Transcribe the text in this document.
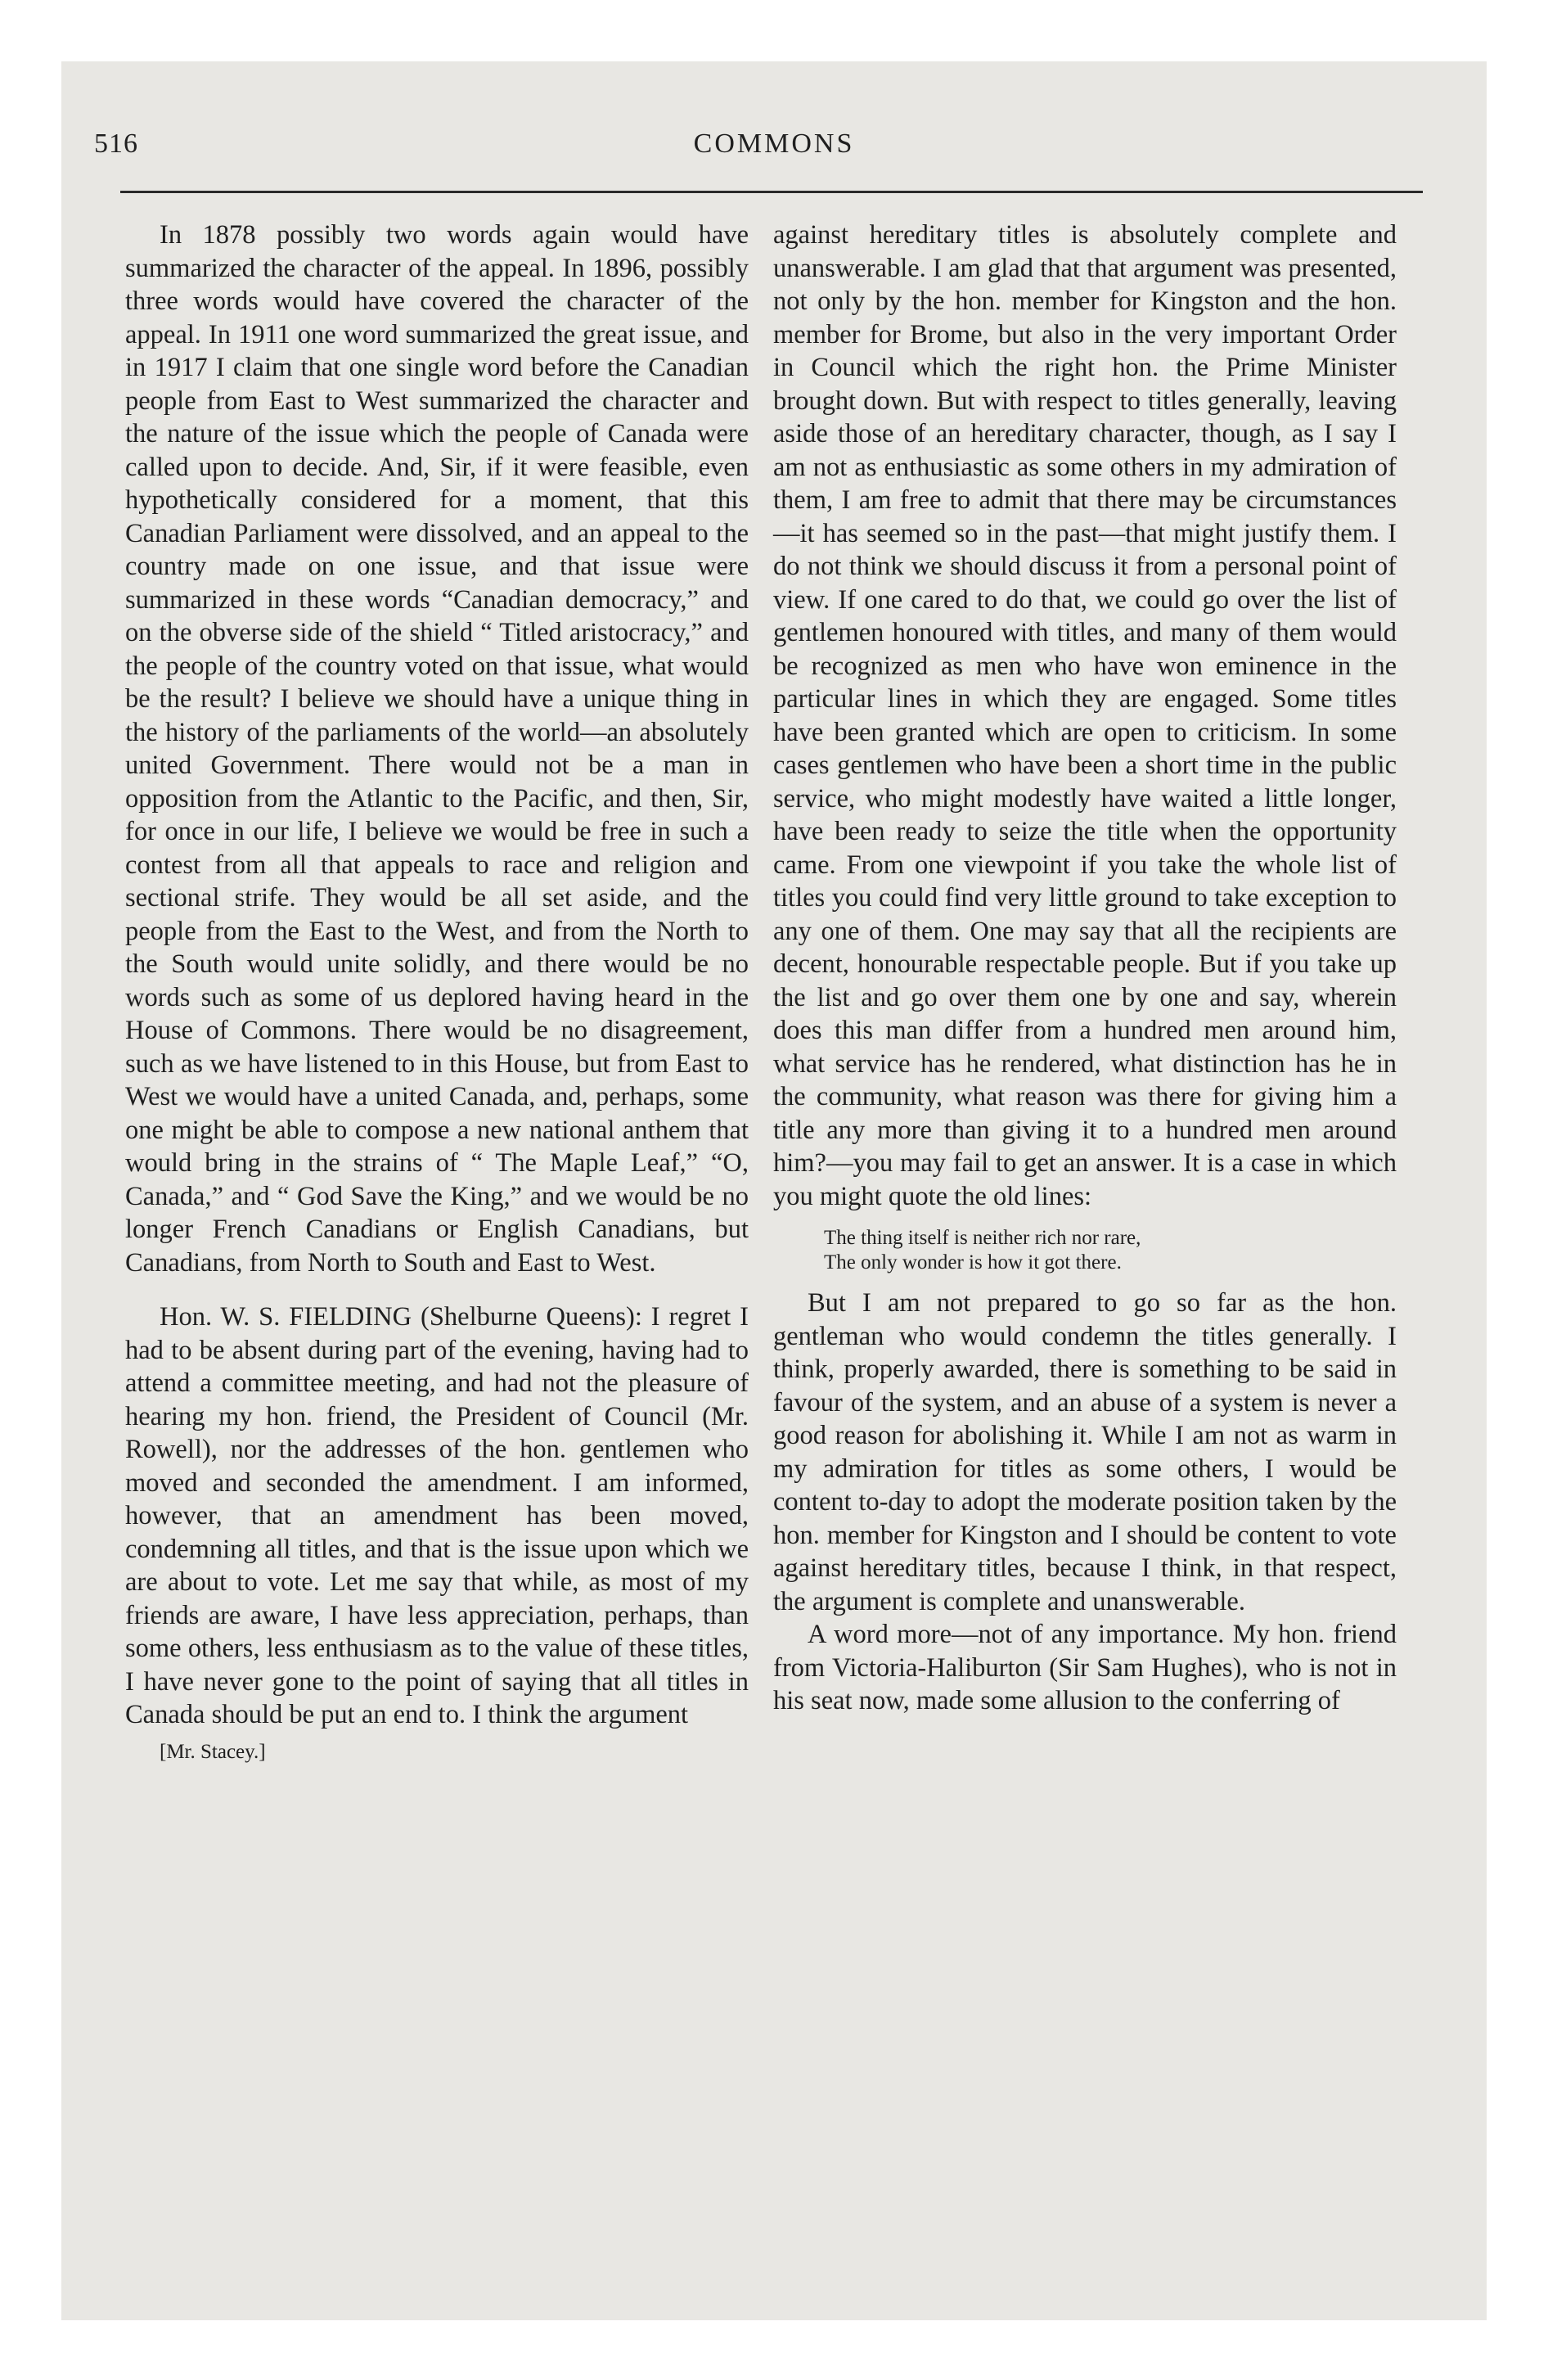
516	COMMONS

In 1878 possibly two words again would have summarized the character of the appeal. In 1896, possibly three words would have covered the character of the appeal. In 1911 one word summarized the great issue, and in 1917 I claim that one single word before the Canadian people from East to West summarized the character and the nature of the issue which the people of Canada were called upon to decide. And, Sir, if it were feasible, even hypothetically considered for a moment, that this Canadian Parliament were dissolved, and an appeal to the country made on one issue, and that issue were summarized in these words “Canadian democracy,” and on the obverse side of the shield “ Titled aristocracy,” and the people of the country voted on that issue, what would be the result? I believe we should have a unique thing in the history of the parliaments of the world—an absolutely united Government. There would not be a man in opposition from the Atlantic to the Pacific, and then, Sir, for once in our life, I believe we would be free in such a contest from all that appeals to race and religion and sectional strife. They would be all set aside, and the people from the East to the West, and from the North to the South would unite solidly, and there would be no words such as some of us deplored having heard in the House of Commons. There would be no disagreement, such as we have listened to in this House, but from East to West we would have a united Canada, and, perhaps, some one might be able to compose a new national anthem that would bring in the strains of “ The Maple Leaf,” “O, Canada,” and “ God Save the King,” and we would be no longer French Canadians or English Canadians, but Canadians, from North to South and East to West.

Hon. W. S. FIELDING (Shelburne Queens): I regret I had to be absent during part of the evening, having had to attend a committee meeting, and had not the pleasure of hearing my hon. friend, the President of Council (Mr. Rowell), nor the addresses of the hon. gentlemen who moved and seconded the amendment. I am informed, however, that an amendment has been moved, condemning all titles, and that is the issue upon which we are about to vote. Let me say that while, as most of my friends are aware, I have less appreciation, perhaps, than some others, less enthusiasm as to the value of these titles, I have never gone to the point of saying that all titles in Canada should be put an end to. I think the argument

[Mr. Stacey.]

against hereditary titles is absolutely complete and unanswerable. I am glad that that argument was presented, not only by the hon. member for Kingston and the hon. member for Brome, but also in the very important Order in Council which the right hon. the Prime Minister brought down. But with respect to titles generally, leaving aside those of an hereditary character, though, as I say I am not as enthusiastic as some others in my admiration of them, I am free to admit that there may be circumstances—it has seemed so in the past—that might justify them. I do not think we should discuss it from a personal point of view. If one cared to do that, we could go over the list of gentlemen honoured with titles, and many of them would be recognized as men who have won eminence in the particular lines in which they are engaged. Some titles have been granted which are open to criticism. In some cases gentlemen who have been a short time in the public service, who might modestly have waited a little longer, have been ready to seize the title when the opportunity came. From one viewpoint if you take the whole list of titles you could find very little ground to take exception to any one of them. One may say that all the recipients are decent, honourable respectable people. But if you take up the list and go over them one by one and say, wherein does this man differ from a hundred men around him, what service has he rendered, what distinction has he in the community, what reason was there for giving him a title any more than giving it to a hundred men around him?—you may fail to get an answer. It is a case in which you might quote the old lines:

The thing itself is neither rich nor rare,
The only wonder is how it got there.

But I am not prepared to go so far as the hon. gentleman who would condemn the titles generally. I think, properly awarded, there is something to be said in favour of the system, and an abuse of a system is never a good reason for abolishing it. While I am not as warm in my admiration for titles as some others, I would be content to-day to adopt the moderate position taken by the hon. member for Kingston and I should be content to vote against hereditary titles, because I think, in that respect, the argument is complete and unanswerable.

A word more—not of any importance. My hon. friend from Victoria-Haliburton (Sir Sam Hughes), who is not in his seat now, made some allusion to the conferring of
